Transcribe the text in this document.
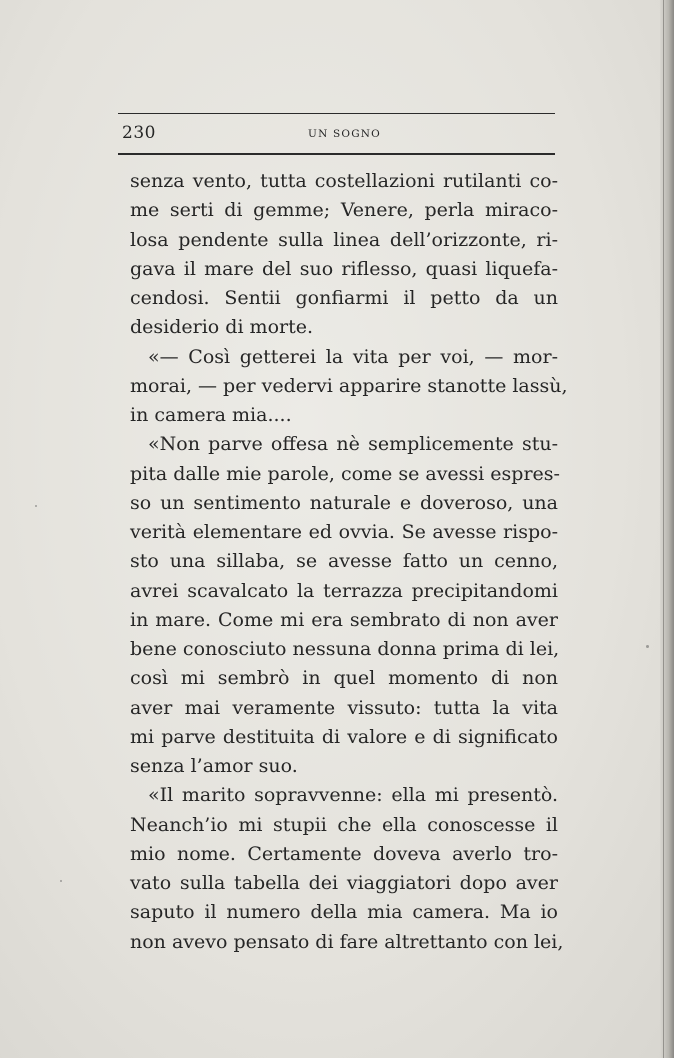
230	UN SOGNO
senza vento, tutta costellazioni rutilanti co-
me serti di gemme; Venere, perla miraco-
losa pendente sulla linea dell’orizzonte, ri-
gava il mare del suo riflesso, quasi liquefa-
cendosi. Sentii gonfiarmi il petto da un
desiderio di morte.
«— Così getterei la vita per voi, — mor-
morai, — per vedervi apparire stanotte lassù,
in camera mia....
«Non parve offesa nè semplicemente stu-
pita dalle mie parole, come se avessi espres-
so un sentimento naturale e doveroso, una
verità elementare ed ovvia. Se avesse rispo-
sto una sillaba, se avesse fatto un cenno,
avrei scavalcato la terrazza precipitandomi
in mare. Come mi era sembrato di non aver
bene conosciuto nessuna donna prima di lei,
così mi sembrò in quel momento di non
aver mai veramente vissuto: tutta la vita
mi parve destituita di valore e di significato
senza l’amor suo.
«Il marito sopravvenne: ella mi presentò.
Neanch’io mi stupii che ella conoscesse il
mio nome. Certamente doveva averlo tro-
vato sulla tabella dei viaggiatori dopo aver
saputo il numero della mia camera. Ma io
non avevo pensato di fare altrettanto con lei,
